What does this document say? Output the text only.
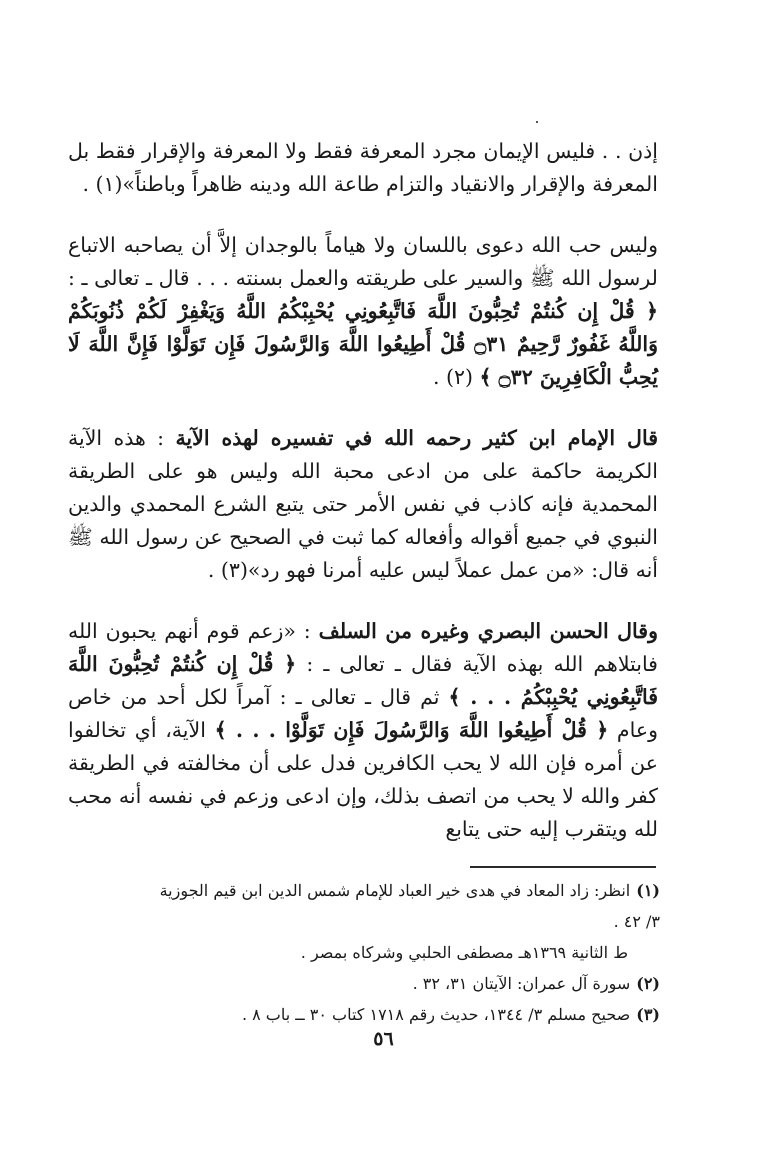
إذن . . فليس الإيمان مجرد المعرفة فقط ولا المعرفة والإقرار فقط بل المعرفة والإقرار والانقياد والتزام طاعة الله ودينه ظاهراً وباطناً»(١) .

وليس حب الله دعوى باللسان ولا هياماً بالوجدان إلاَّ أن يصاحبه الاتباع لرسول الله ﷺ والسير على طريقته والعمل بسنته . . . قال ـ تعالى ـ : ﴿ قُلْ إِن كُنتُمْ تُحِبُّونَ اللَّهَ فَاتَّبِعُونِي يُحْبِبْكُمُ اللَّهُ وَيَغْفِرْ لَكُمْ ذُنُوبَكُمْ وَاللَّهُ غَفُورٌ رَّحِيمٌ ۝٣١ قُلْ أَطِيعُوا اللَّهَ وَالرَّسُولَ فَإِن تَوَلَّوْا فَإِنَّ اللَّهَ لَا يُحِبُّ الْكَافِرِينَ ۝٣٢ ﴾ (٢) .

قال الإمام ابن كثير رحمه الله في تفسيره لهذه الآية : هذه الآية الكريمة حاكمة على من ادعى محبة الله وليس هو على الطريقة المحمدية فإنه كاذب في نفس الأمر حتى يتبع الشرع المحمدي والدين النبوي في جميع أقواله وأفعاله كما ثبت في الصحيح عن رسول الله ﷺ أنه قال: «من عمل عملاً ليس عليه أمرنا فهو رد»(٣) .

وقال الحسن البصري وغيره من السلف : «زعم قوم أنهم يحبون الله فابتلاهم الله بهذه الآية فقال ـ تعالى ـ : ﴿ قُلْ إِن كُنتُمْ تُحِبُّونَ اللَّهَ فَاتَّبِعُونِي يُحْبِبْكُمُ . . . ﴾ ثم قال ـ تعالى ـ : آمراً لكل أحد من خاص وعام ﴿ قُلْ أَطِيعُوا اللَّهَ وَالرَّسُولَ فَإِن تَوَلَّوْا . . . ﴾ الآية، أي تخالفوا عن أمره فإن الله لا يحب الكافرين فدل على أن مخالفته في الطريقة كفر والله لا يحب من اتصف بذلك، وإن ادعى وزعم في نفسه أنه محب لله ويتقرب إليه حتى يتابع

(١)انظر: زاد المعاد في هدى خير العباد للإمام شمس الدين ابن قيم الجوزية ٣/ ٤٢ .

ط الثانية ١٣٦٩هـ مصطفى الحلبي وشركاه بمصر .

(٢)سورة آل عمران: الآيتان ٣١، ٣٢ .

(٣)صحيح مسلم ٣/ ١٣٤٤، حديث رقم ١٧١٨ كتاب ٣٠ ــ باب ٨ .

٥٦
